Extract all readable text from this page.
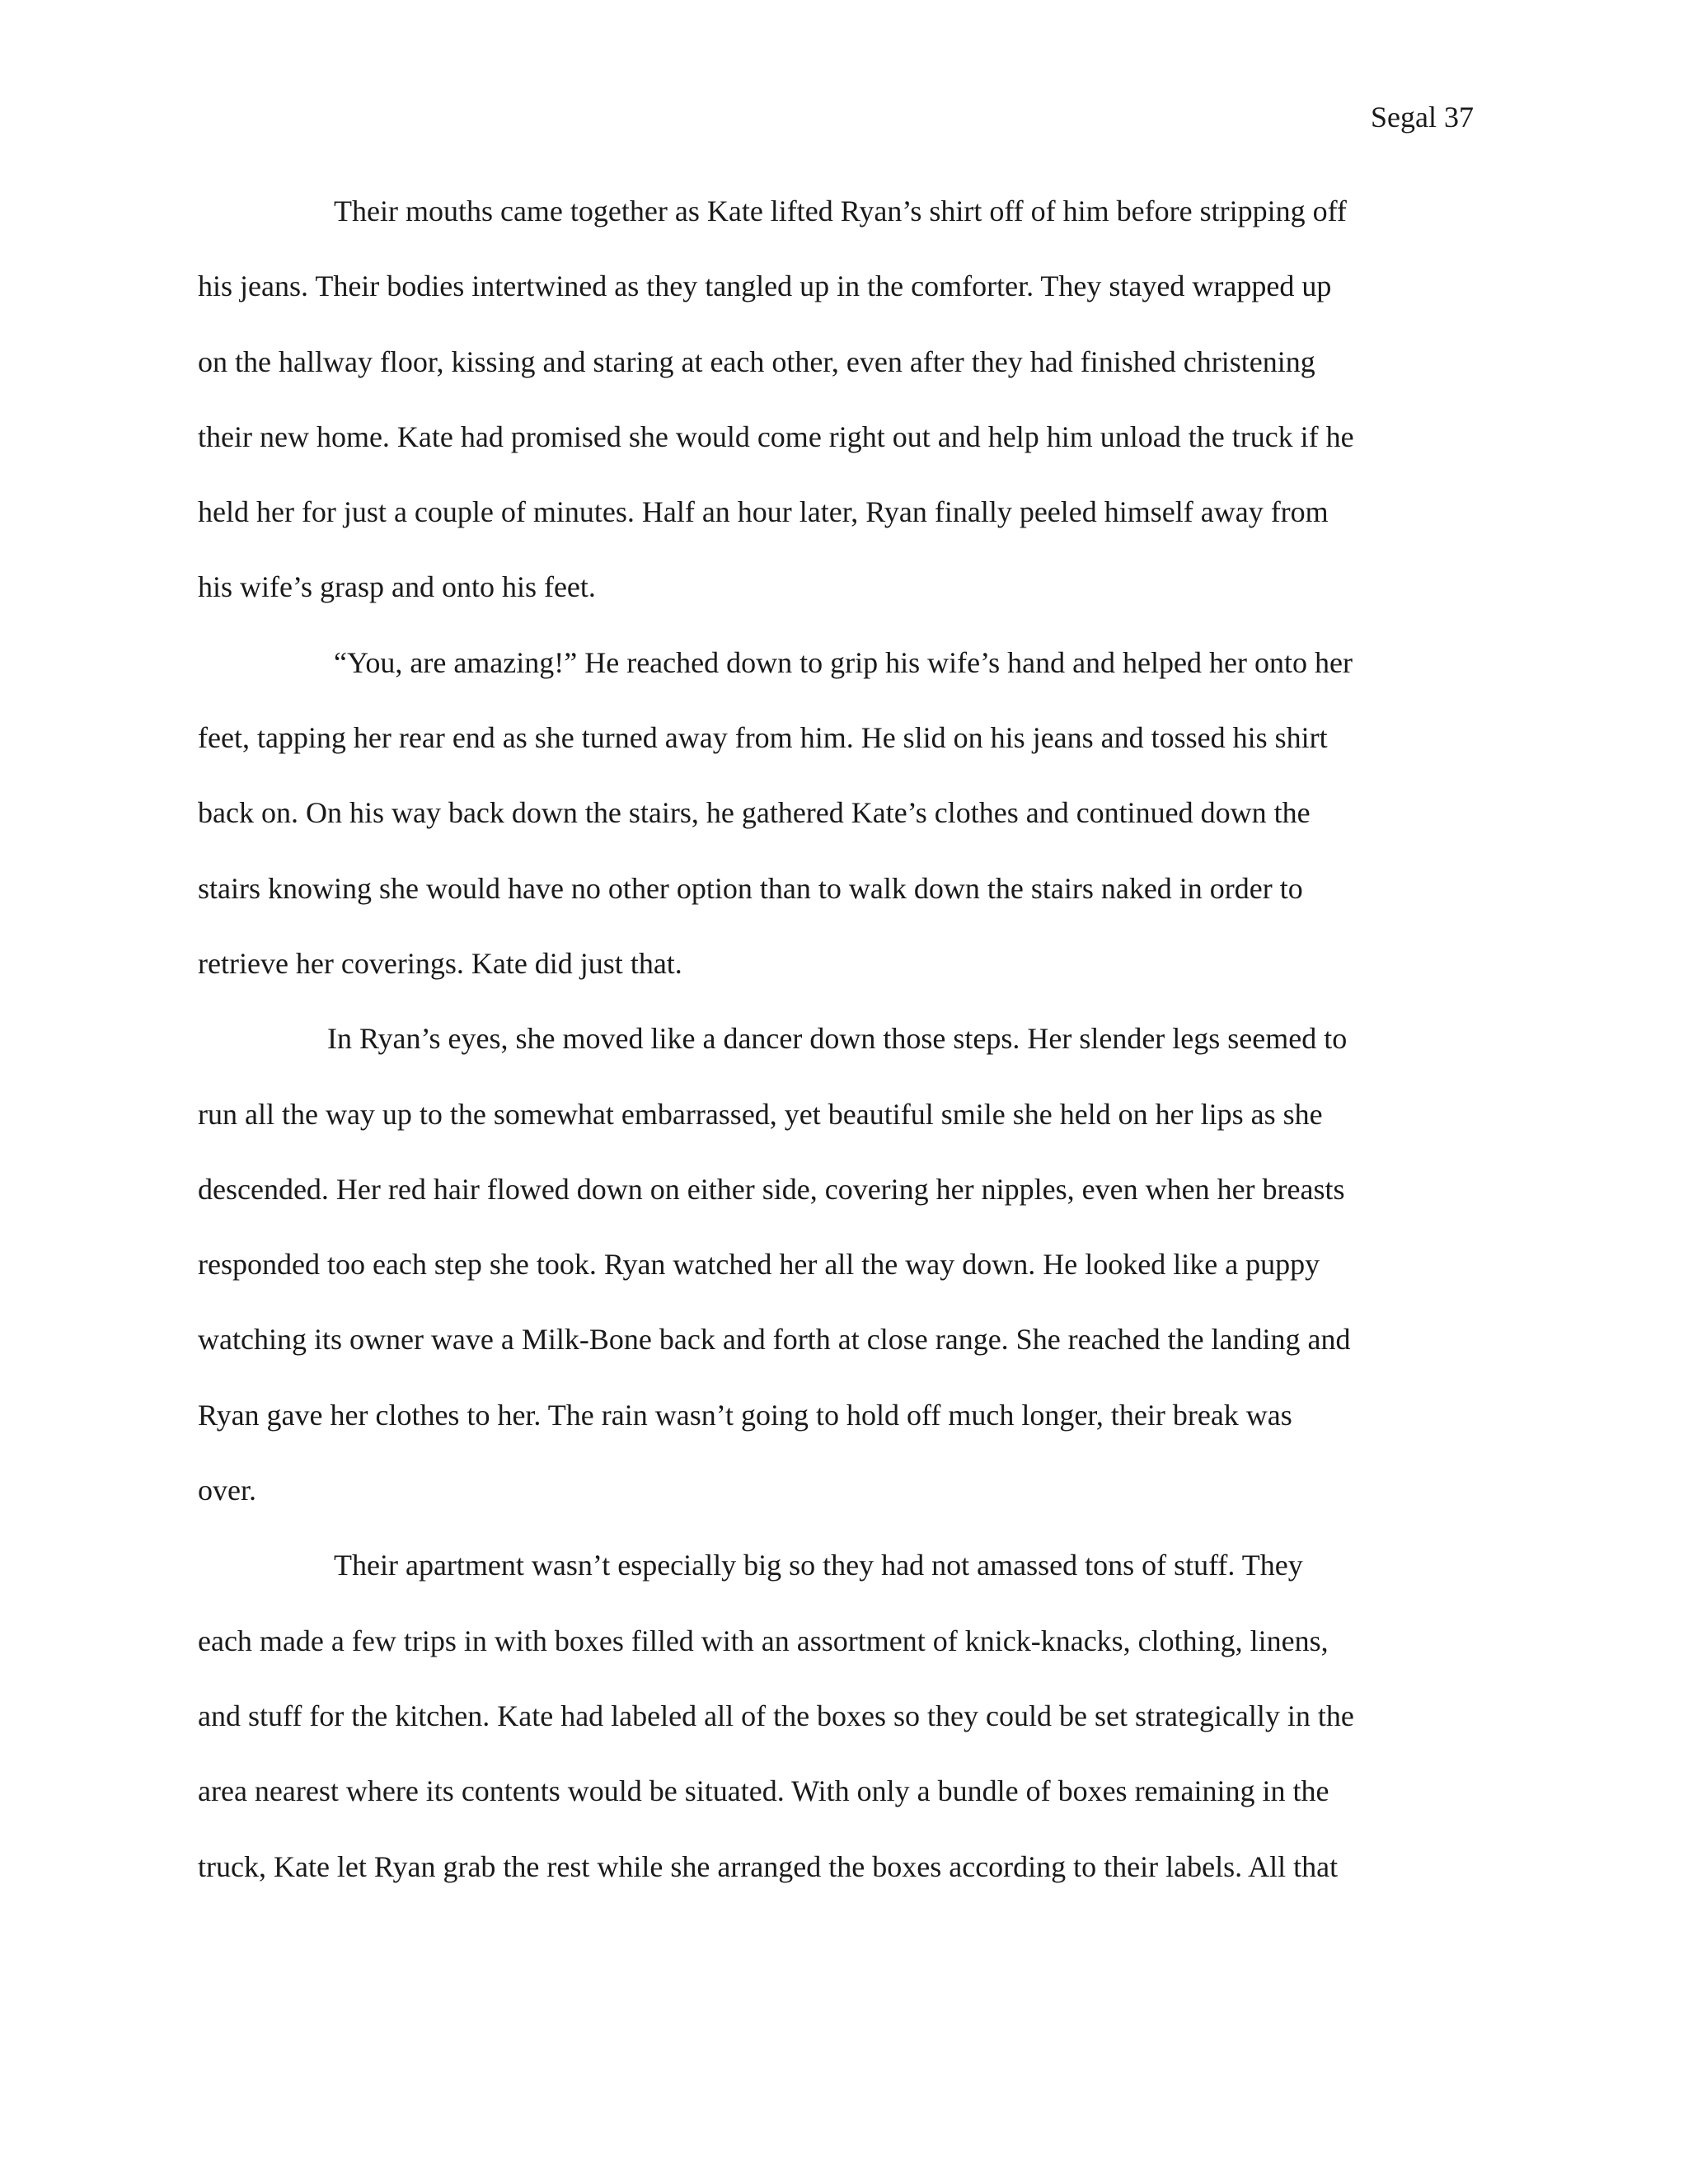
Segal 37
Their mouths came together as Kate lifted Ryan’s shirt off of him before stripping off
his jeans. Their bodies intertwined as they tangled up in the comforter. They stayed wrapped up
on the hallway floor, kissing and staring at each other, even after they had finished christening
their new home. Kate had promised she would come right out and help him unload the truck if he
held her for just a couple of minutes. Half an hour later, Ryan finally peeled himself away from
his wife’s grasp and onto his feet.
“You, are amazing!” He reached down to grip his wife’s hand and helped her onto her
feet, tapping her rear end as she turned away from him. He slid on his jeans and tossed his shirt
back on. On his way back down the stairs, he gathered Kate’s clothes and continued down the
stairs knowing she would have no other option than to walk down the stairs naked in order to
retrieve her coverings. Kate did just that.
In Ryan’s eyes, she moved like a dancer down those steps. Her slender legs seemed to
run all the way up to the somewhat embarrassed, yet beautiful smile she held on her lips as she
descended. Her red hair flowed down on either side, covering her nipples, even when her breasts
responded too each step she took. Ryan watched her all the way down. He looked like a puppy
watching its owner wave a Milk-Bone back and forth at close range. She reached the landing and
Ryan gave her clothes to her. The rain wasn’t going to hold off much longer, their break was
over.
Their apartment wasn’t especially big so they had not amassed tons of stuff. They
each made a few trips in with boxes filled with an assortment of knick-knacks, clothing, linens,
and stuff for the kitchen. Kate had labeled all of the boxes so they could be set strategically in the
area nearest where its contents would be situated. With only a bundle of boxes remaining in the
truck, Kate let Ryan grab the rest while she arranged the boxes according to their labels. All that
